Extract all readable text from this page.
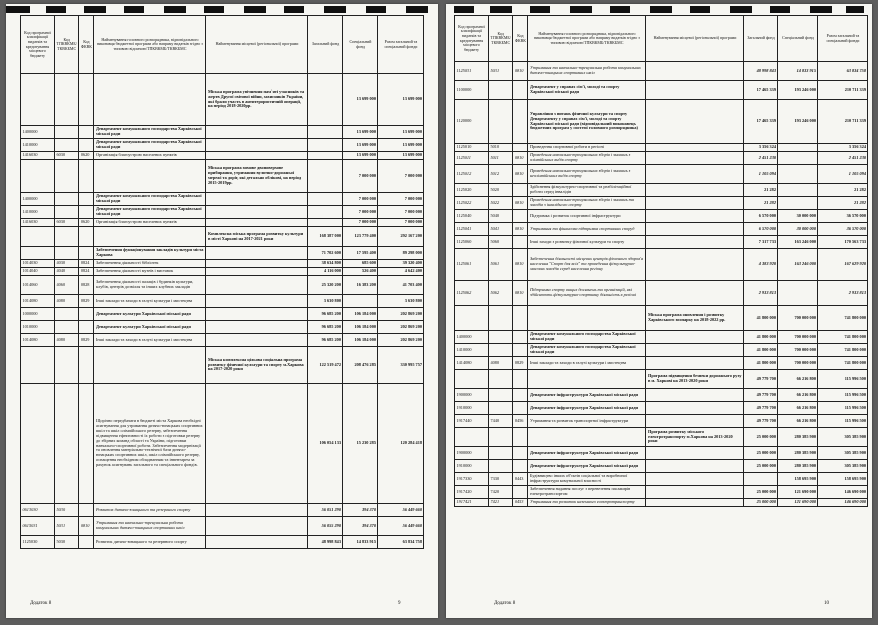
Код програмної класифікації видатків та кредитування місцевого бюджету	Код ТПКВКМБ/ ТКВКБМС	Код ФКВК	Найменування головного розпорядника, відповідального виконавця бюджетної програми або напряму видатків згідно з типовою відомчою/ТПКВКМБ/ТКВКБМС	Найменування місцевої (регіональної) програми	Загальний фонд	Спеціальний фонд	Разом загальний та спеціальний фонди
				Міська програма увічнення пам`яті учасників та жертв Другої світової війни, захисників України, які брали участь в антитерористичній операції, на період 2018-2020рр.		13 699 000	13 699 000
1400000			Департамент комунального господарства Харківської міської ради			13 699 000	13 699 000
1410000			Департамент комунального господарства Харківської міської ради			13 699 000	13 699 000
1416030	6030	0620	Організація благоустрою населених пунктів			13 699 000	13 699 000
				Міська програма зимове двоповерхове прибирання, утримання вулично-дорожньої мережі та доріг, які детально облікові, на період 2015-2019рр.		7 000 000	7 000 000
1400000			Департамент комунального господарства Харківської міської ради			7 000 000	7 000 000
1410000			Департамент комунального господарства Харківської міської ради			7 000 000	7 000 000
1416030	6030	0620	Організація благоустрою населених пунктів			7 000 000	7 000 000
				Комплексна міська програма розвитку культури в місті Харкові на 2017-2021 роки	168 387 000	123 779 400	292 167 200
			Забезпечення функціонування закладів культури міста Харкова		71 702 600	17 595 400	89 298 000
1014030	4030	0824	Забезпечення діяльності бібліотек		38 634 800	685 600	39 320 400
1014040	4040	0824	Забезпечення діяльності музеїв і виставок		4 116 000	526 400	4 642 400
1014060	4060	0828	Забезпечення діяльності палаців і будинків культури, клубів, центрів дозвілля та інших клубних закладів		25 320 200	16 383 200	41 703 400
1014080	4080	0829	Інші заклади та заходи в галузі культури і мистецтва		3 630 800		3 630 800
1000000			Департамент культури Харківської міської ради		96 685 200	106 184 000	202 869 200
1010000			Департамент культури Харківської міської ради		96 685 200	106 184 000	202 869 200
1014080	4080	0829	Інші заклади та заходи в галузі культури і мистецтва		96 685 200	106 184 000	202 869 200
				Міська комплексна цільова соціальна програма розвитку фізичної культури та спорту м.Харкова на 2017-2020 роки	122 519 472	208 476 285	330 995 757
			Щорічно передбачати в бюджеті міста Харкова необхідні асигнування для утримання дитячо-юнацьких спортивних шкіл та шкіл олімпійського резерву, забезпечення підвищення ефективності їх роботи з підготовки резерву до збірних команд області та України, підготовки навчально-спортивної роботи. Забезпечення модернізації та оновлення матеріально-технічної бази дитячо-юнацьких спортивних шкіл, шкіл олімпійського резерву, оснащення необхідним обладнанням та інвентарем за рахунок асигнувань загального та спеціального фондів.		106 054 133	15 230 285	120 284 418
0613030	5030		Розвиток дитячо-юнацького та резервного спорту		56 051 290	394 370	56 449 660
0615031	5031	0810	Утримання та навчально-тренувальна робота комунальних дитячо-юнацьких спортивних шкіл		56 055 290	394 370	56 449 660
1125030	5030		Розвиток дитячо-юнацького та резервного спорту		48 998 843	14 833 915	63 834 758
Додаток 8	9
Код програмної класифікації видатків та кредитування місцевого бюджету	Код ТПКВКМБ/ ТКВКБМС	Код ФКВК	Найменування головного розпорядника, відповідального виконавця бюджетної програми або напряму видатків згідно з типовою відомчою/ТПКВКМБ/ТКВКБМС	Найменування місцевої (регіональної) програми	Загальний фонд	Спеціальний фонд	Разом загальний та спеціальний фонди
1125031	5031	0810	Утримання та навчально-тренувальна робота комунальних дитячо-юнацьких спортивних шкіл		48 998 843	14 833 915	63 834 758
1100000			Департамент у справах сім'ї, молоді та спорту Харківської міської ради		17 465 339	193 246 000	210 711 339
1120000			Управління з питань фізичної культури та спорту Департаменту у справах сім'ї, молоді та спорту Харківської міської ради (відповідальний виконавець бюджетних програм у системі головного розпорядника)		17 465 339	193 246 000	210 711 339
1125010	5010		Проведення спортивної роботи в регіоні		3 356 324		3 356 324
1125011	5011	0810	Проведення навчально-тренувальних зборів і змагань з олімпійських видів спорту		2 451 230		2 451 230
1125012	5012	0810	Проведення навчально-тренувальних зборів і змагань з неолімпійських видів спорту		1 105 094		1 105 094
1125020	5020		Здійснення фізкультурно-спортивної та реабілітаційної роботи серед інвалідів		21 282		21 282
1125022	5022	0810	Проведення навчально-тренувальних зборів і змагань та заходів з інвалідного спорту		21 282		21 282
1125040	5040		Підтримка і розвиток спортивної інфраструктури		6 570 000	30 000 000	36 570 000
1125041	5041	0810	Утримання та фінансова підтримка спортивних споруд		6 570 000	30 000 000	36 570 000
1125060	5060		Інші заходи з розвитку фізичної культури та спорту		7 317 733	163 246 000	170 563 733
1125061	5061	0810	Забезпечення діяльності місцевих центрів фізичного здоров'я населення "Спорт для всіх" та проведення фізкультурно-масових заходів серед населення регіону		4 383 920	163 246 000	167 629 920
1125062	5062	0810	Підтримка спорту вищих досягнень та організацій, які здійснюють фізкультурно-спортивну діяльність в регіоні		2 933 813		2 933 813
				Міська програма оновлення і розвитку Харківського зоопарку на 2018-2022 рр.	41 800 000	700 000 000	741 800 000
1400000			Департамент комунального господарства Харківської міської ради		41 800 000	700 000 000	741 800 000
1410000			Департамент комунального господарства Харківської міської ради		41 800 000	700 000 000	741 800 000
1414080	4080	0829	Інші заклади та заходи в галузі культури і мистецтва		41 800 000	700 000 000	741 800 000
				Програма підвищення безпеки дорожнього руху в м. Харкові на 2013-2020 роки	49 779 700	66 216 800	115 996 500
1900000			Департамент інфраструктури Харківської міської ради		49 779 700	66 216 800	115 996 500
1910000			Департамент інфраструктури Харківської міської ради		49 779 700	66 216 800	115 996 500
1917440	7440	0456	Утримання та розвиток транспортної інфраструктури		49 779 700	66 216 800	115 996 500
				Програма розвитку міського електротранспорту м.Харкова на 2013-2020 роки	25 000 000	280 385 900	305 385 900
1900000			Департамент інфраструктури Харківської міської ради		25 000 000	280 385 900	305 385 900
1910000			Департамент інфраструктури Харківської міської ради		25 000 000	280 385 900	305 385 900
1917330	7330	0443	Будівництво інших об'єктів соціальної та виробничої інфраструктури комунальної власності			158 695 900	158 695 900
1917420	7420		Забезпечення надання послуг з перевезення пасажирів електротранспортом		25 000 000	121 690 000	146 690 000
1917421	7421	0453	Утримання та розвиток наземного електротранспорту		25 000 000	121 690 000	146 690 000
Додаток 8	10
